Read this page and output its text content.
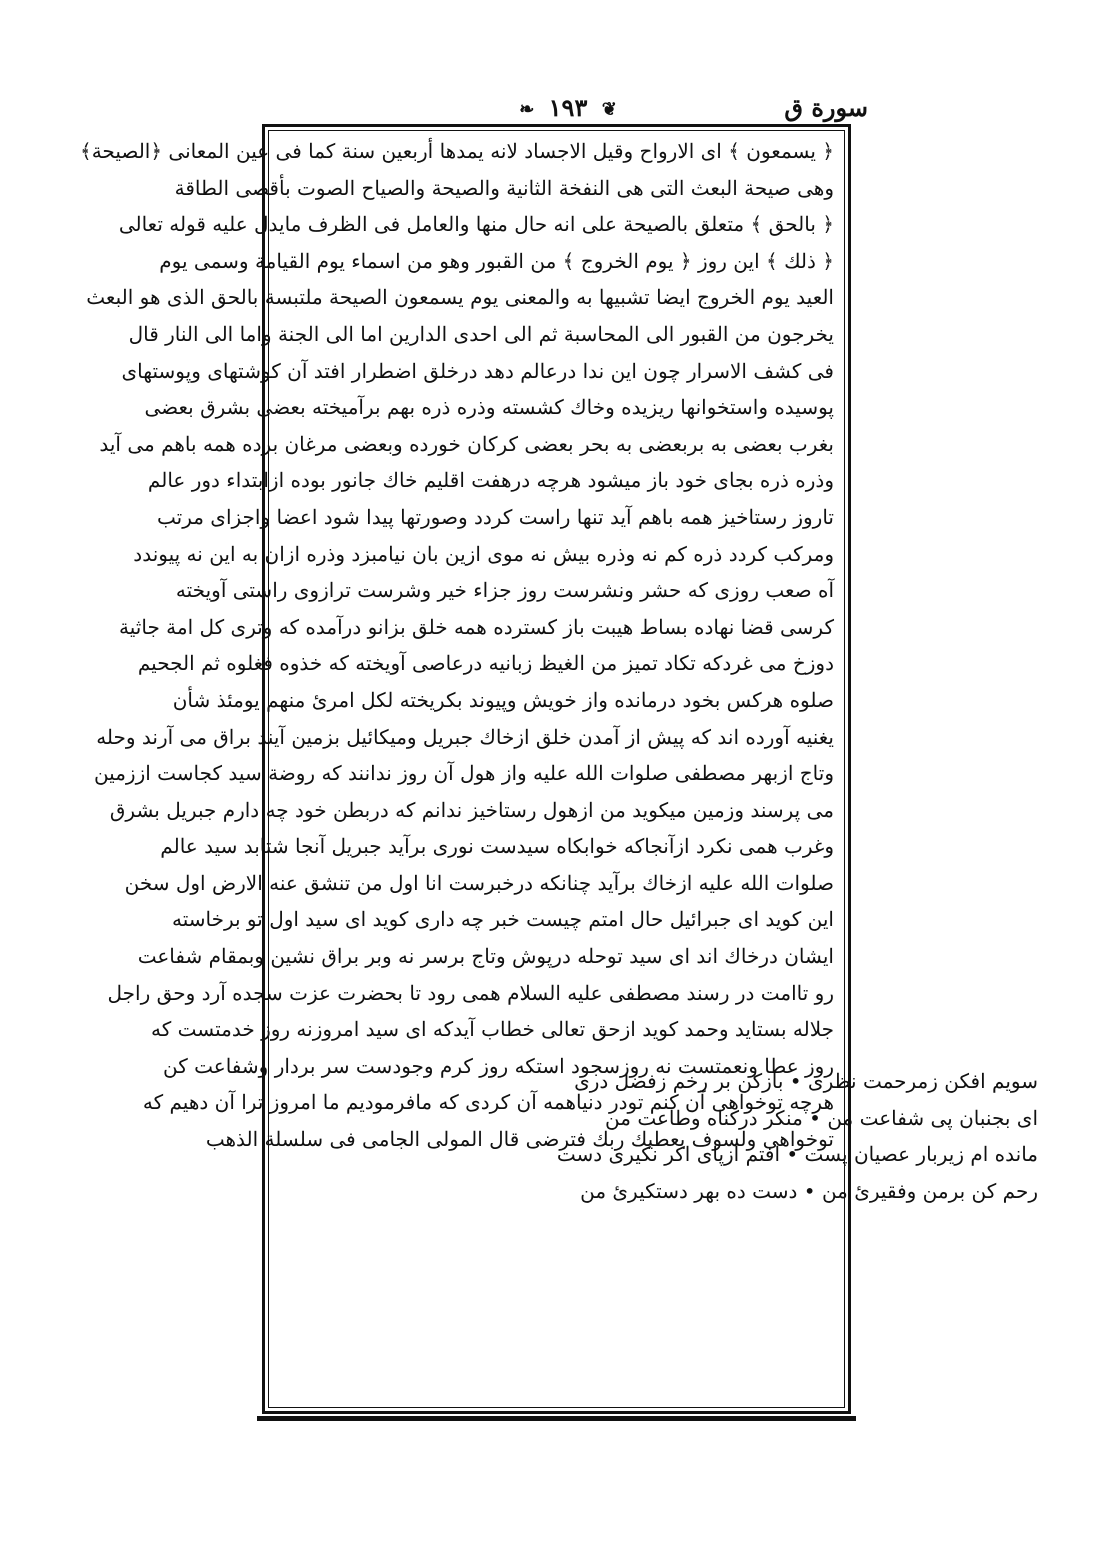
سورة ق
❦ ١٩٣ ❧
﴿ يسمعون ﴾ اى الارواح وقيل الاجساد لانه يمدها أربعين سنة كما فى عين المعانى ﴿الصيحة﴾
وهى صيحة البعث التى هى النفخة الثانية والصيحة والصياح الصوت بأقصى الطاقة
﴿ بالحق ﴾ متعلق بالصيحة على انه حال منها والعامل فى الظرف مايدل عليه قوله تعالى
﴿ ذلك ﴾ اين روز ﴿ يوم الخروج ﴾ من القبور وهو من اسماء يوم القيامة وسمى يوم
العيد يوم الخروج ايضا تشبيها به والمعنى يوم يسمعون الصيحة ملتبسة بالحق الذى هو البعث
يخرجون من القبور الى المحاسبة ثم الى احدى الدارين اما الى الجنة واما الى النار قال
فى كشف الاسرار چون اين ندا درعالم دهد درخلق اضطرار افتد آن كوشتهاى وپوستهاى
پوسيده واستخوانها ريزيده وخاك كشسته وذره ذره بهم برآميخته بعضى بشرق بعضى
بغرب بعضى به بربعضى به بحر بعضى كركان خورده وبعضى مرغان برده همه باهم مى آيد
وذره ذره بجاى خود باز ميشود هرچه درهفت اقليم خاك جانور بوده ازابتداء دور عالم
تاروز رستاخيز همه باهم آيد تنها راست كردد وصورتها پيدا شود اعضا واجزاى مرتب
ومركب كردد ذره كم نه وذره بيش نه موى ازين بان نيامبزد وذره ازان به اين نه پيوندد
آه صعب روزى كه حشر ونشرست روز جزاء خير وشرست ترازوى راستى آويخته
كرسى قضا نهاده بساط هيبت باز كسترده همه خلق بزانو درآمده كه وترى كل امة جاثية
دوزخ مى غردكه تكاد تميز من الغيظ زبانيه درعاصى آويخته كه خذوه فغلوه ثم الجحيم
صلوه هركس بخود درمانده واز خويش وپيوند بكريخته لكل امرئ منهم يومئذ شأن
يغنيه آورده اند كه پيش از آمدن خلق ازخاك جبريل وميكائيل بزمين آيند براق مى آرند وحله
وتاج ازبهر مصطفى صلوات الله عليه واز هول آن روز ندانند كه روضة سيد كجاست اززمين
مى پرسند وزمين ميكويد من ازهول رستاخيز ندانم كه دربطن خود چه دارم جبريل بشرق
وغرب همى نكرد ازآنجاكه خوابكاه سيدست نورى برآيد جبريل آنجا شتابد سيد عالم
صلوات الله عليه ازخاك برآيد چنانكه درخبرست انا اول من تنشق عنه الارض اول سخن
اين كويد اى جبرائيل حال امتم چيست خبر چه دارى كويد اى سيد اول تو برخاسته
ايشان درخاك اند اى سيد توحله درپوش وتاج برسر نه وبر براق نشين وبمقام شفاعت
رو تاامت در رسند مصطفى عليه السلام همى رود تا بحضرت عزت سجده آرد وحق راجل
جلاله بستايد وحمد كويد ازحق تعالى خطاب آيدكه اى سيد امروزنه روز خدمتست كه
روز عطا ونعمتست نه روزسجود استكه روز كرم وجودست سر بردار وشفاعت كن
هرچه توخواهى آن كنم تودر دنياهمه آن كردى كه مافرموديم ما امروز ترا آن دهيم كه
توخواهى ولسوف يعطيك ربك فترضى قال المولى الجامى فى سلسلة الذهب
سويم افكن زمرحمت نظرى • بازكن بر رخم زفضل درى
اى بجنبان پى شفاعت من • منكر دركناه وطاعت من
مانده ام زيربار عصيان پست • افتم ازپاى اكر نكيرى دست
رحم كن برمن وفقيرئ من • دست ده بهر دستكيرئ من
